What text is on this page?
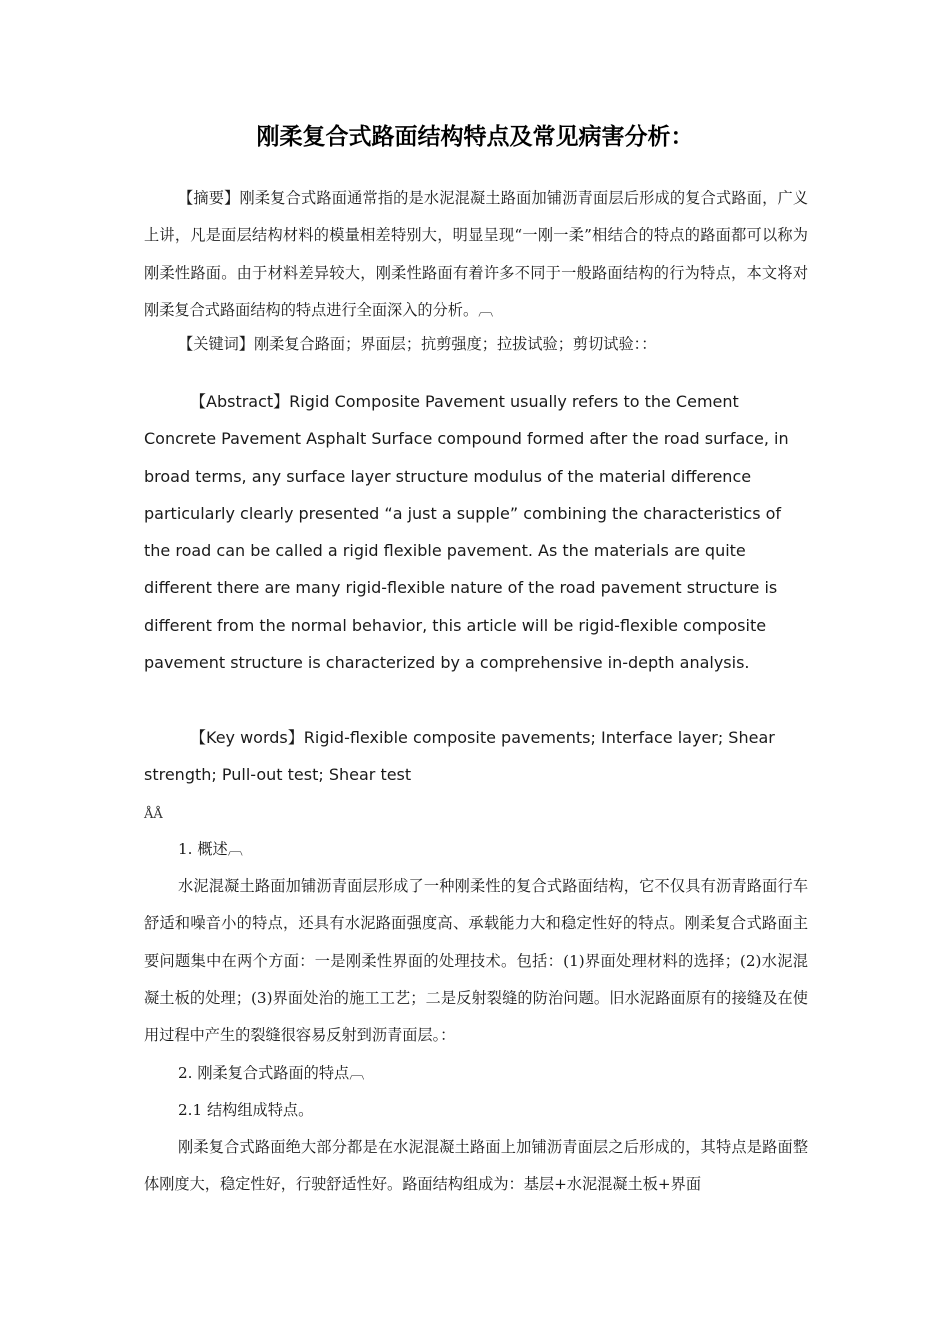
刚柔复合式路面结构特点及常见病害分析：

【摘要】刚柔复合式路面通常指的是水泥混凝土路面加铺沥青面层后形成的复合式路面，广义上讲，凡是面层结构材料的模量相差特别大，明显呈现“一刚一柔”相结合的特点的路面都可以称为刚柔性路面。由于材料差异较大，刚柔性路面有着许多不同于一般路面结构的行为特点，本文将对刚柔复合式路面结构的特点进行全面深入的分析。︹

【关键词】刚柔复合路面；界面层；抗剪强度；拉拔试验；剪切试验：：

【Abstract】Rigid Composite Pavement usually refers to the Cement Concrete Pavement Asphalt Surface compound formed after the road surface, in broad terms, any surface layer structure modulus of the material difference particularly clearly presented “a just a supple” combining the characteristics of the road can be called a rigid flexible pavement. As the materials are quite different there are many rigid-flexible nature of the road pavement structure is different from the normal behavior, this article will be rigid-flexible composite pavement structure is characterized by a comprehensive in-depth analysis.

【Key words】Rigid-flexible composite pavements; Interface layer; Shear strength; Pull-out test; Shear test

ÅÅ

1. 概述︹

水泥混凝土路面加铺沥青面层形成了一种刚柔性的复合式路面结构，它不仅具有沥青路面行车舒适和噪音小的特点，还具有水泥路面强度高、承载能力大和稳定性好的特点。刚柔复合式路面主要问题集中在两个方面：一是刚柔性界面的处理技术。包括：(1)界面处理材料的选择；(2)水泥混凝土板的处理；(3)界面处治的施工工艺；二是反射裂缝的防治问题。旧水泥路面原有的接缝及在使用过程中产生的裂缝很容易反射到沥青面层。：

2. 刚柔复合式路面的特点︹

2.1 结构组成特点。

刚柔复合式路面绝大部分都是在水泥混凝土路面上加铺沥青面层之后形成的，其特点是路面整体刚度大，稳定性好，行驶舒适性好。路面结构组成为：基层+水泥混凝土板+界面
